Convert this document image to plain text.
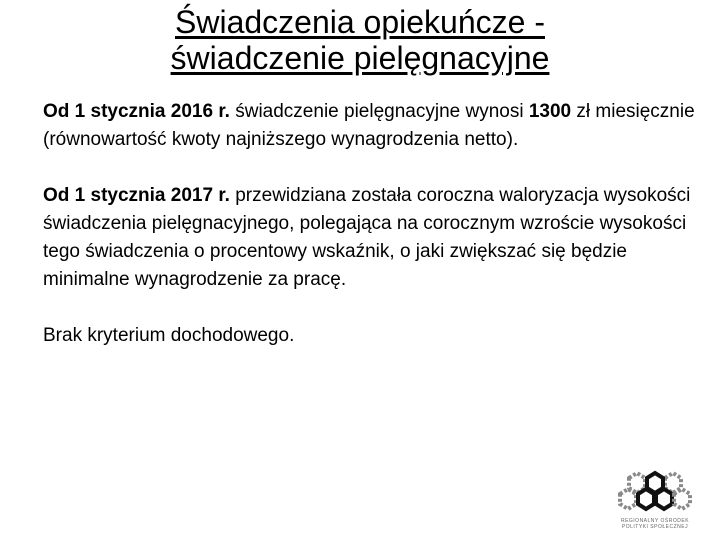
Świadczenia opiekuńcze -
świadczenie pielęgnacyjne

Od 1 stycznia 2016 r. świadczenie pielęgnacyjne wynosi 1300 zł miesięcznie (równowartość kwoty najniższego wynagrodzenia netto).

Od 1 stycznia 2017 r. przewidziana została coroczna waloryzacja wysokości świadczenia pielęgnacyjnego, polegająca na corocznym wzroście wysokości tego świadczenia o procentowy wskaźnik, o jaki zwiększać się będzie minimalne wynagrodzenie za pracę.

Brak kryterium dochodowego.

REGIONALNY OŚRODEK POLITYKI SPOŁECZNEJ
